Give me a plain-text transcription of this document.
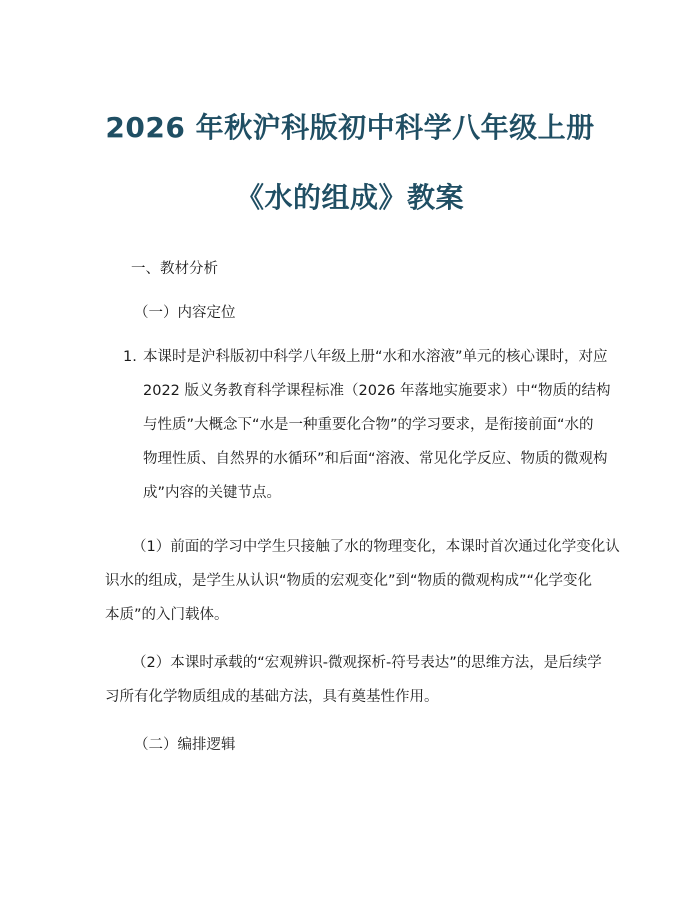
2026 年秋沪科版初中科学八年级上册
《水的组成》教案
一、教材分析
（一）内容定位
1. 本课时是沪科版初中科学八年级上册“水和水溶液”单元的核心课时，对应
2022 版义务教育科学课程标准（2026 年落地实施要求）中“物质的结构
与性质”大概念下“水是一种重要化合物”的学习要求，是衔接前面“水的
物理性质、自然界的水循环”和后面“溶液、常见化学反应、物质的微观构
成”内容的关键节点。
（1）前面的学习中学生只接触了水的物理变化，本课时首次通过化学变化认
识水的组成，是学生从认识“物质的宏观变化”到“物质的微观构成”“化学变化
本质”的入门载体。
（2）本课时承载的“宏观辨识-微观探析-符号表达”的思维方法，是后续学
习所有化学物质组成的基础方法，具有奠基性作用。
（二）编排逻辑
